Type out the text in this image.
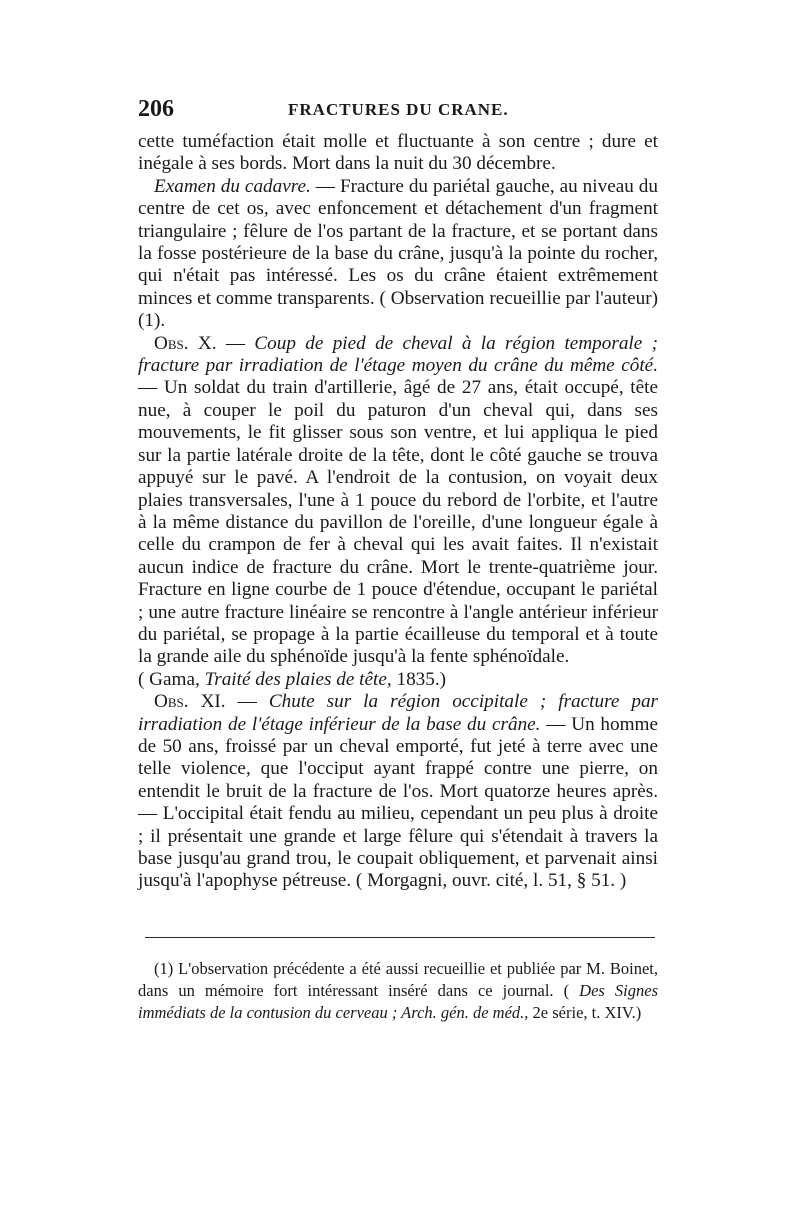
206	FRACTURES DU CRANE.

cette tuméfaction était molle et fluctuante à son centre ; dure et inégale à ses bords. Mort dans la nuit du 30 décembre.

Examen du cadavre. — Fracture du pariétal gauche, au niveau du centre de cet os, avec enfoncement et détachement d'un fragment triangulaire ; fêlure de l'os partant de la fracture, et se portant dans la fosse postérieure de la base du crâne, jusqu'à la pointe du rocher, qui n'était pas intéressé. Les os du crâne étaient extrêmement minces et comme transparents. ( Observation recueillie par l'auteur) (1).

Obs. X. — Coup de pied de cheval à la région temporale ; fracture par irradiation de l'étage moyen du crâne du même côté.— Un soldat du train d'artillerie, âgé de 27 ans, était occupé, tête nue, à couper le poil du paturon d'un cheval qui, dans ses mouvements, le fit glisser sous son ventre, et lui appliqua le pied sur la partie latérale droite de la tête, dont le côté gauche se trouva appuyé sur le pavé. A l'endroit de la contusion, on voyait deux plaies transversales, l'une à 1 pouce du rebord de l'orbite, et l'autre à la même distance du pavillon de l'oreille, d'une longueur égale à celle du crampon de fer à cheval qui les avait faites. Il n'existait aucun indice de fracture du crâne. Mort le trente-quatrième jour. Fracture en ligne courbe de 1 pouce d'étendue, occupant le pariétal ; une autre fracture linéaire se rencontre à l'angle antérieur inférieur du pariétal, se propage à la partie écailleuse du temporal et à toute la grande aile du sphénoïde jusqu'à la fente sphénoïdale.
( Gama, Traité des plaies de tête, 1835.)

Obs. XI. — Chute sur la région occipitale ; fracture par irradiation de l'étage inférieur de la base du crâne. — Un homme de 50 ans, froissé par un cheval emporté, fut jeté à terre avec une telle violence, que l'occiput ayant frappé contre une pierre, on entendit le bruit de la fracture de l'os. Mort quatorze heures après. — L'occipital était fendu au milieu, cependant un peu plus à droite ; il présentait une grande et large fêlure qui s'étendait à travers la base jusqu'au grand trou, le coupait obliquement, et parvenait ainsi jusqu'à l'apophyse pétreuse. ( Morgagni, ouvr. cité, l. 51, § 51. )

(1) L'observation précédente a été aussi recueillie et publiée par M. Boinet, dans un mémoire fort intéressant inséré dans ce journal. ( Des Signes immédiats de la contusion du cerveau ; Arch. gén. de méd., 2e série, t. XIV.)
